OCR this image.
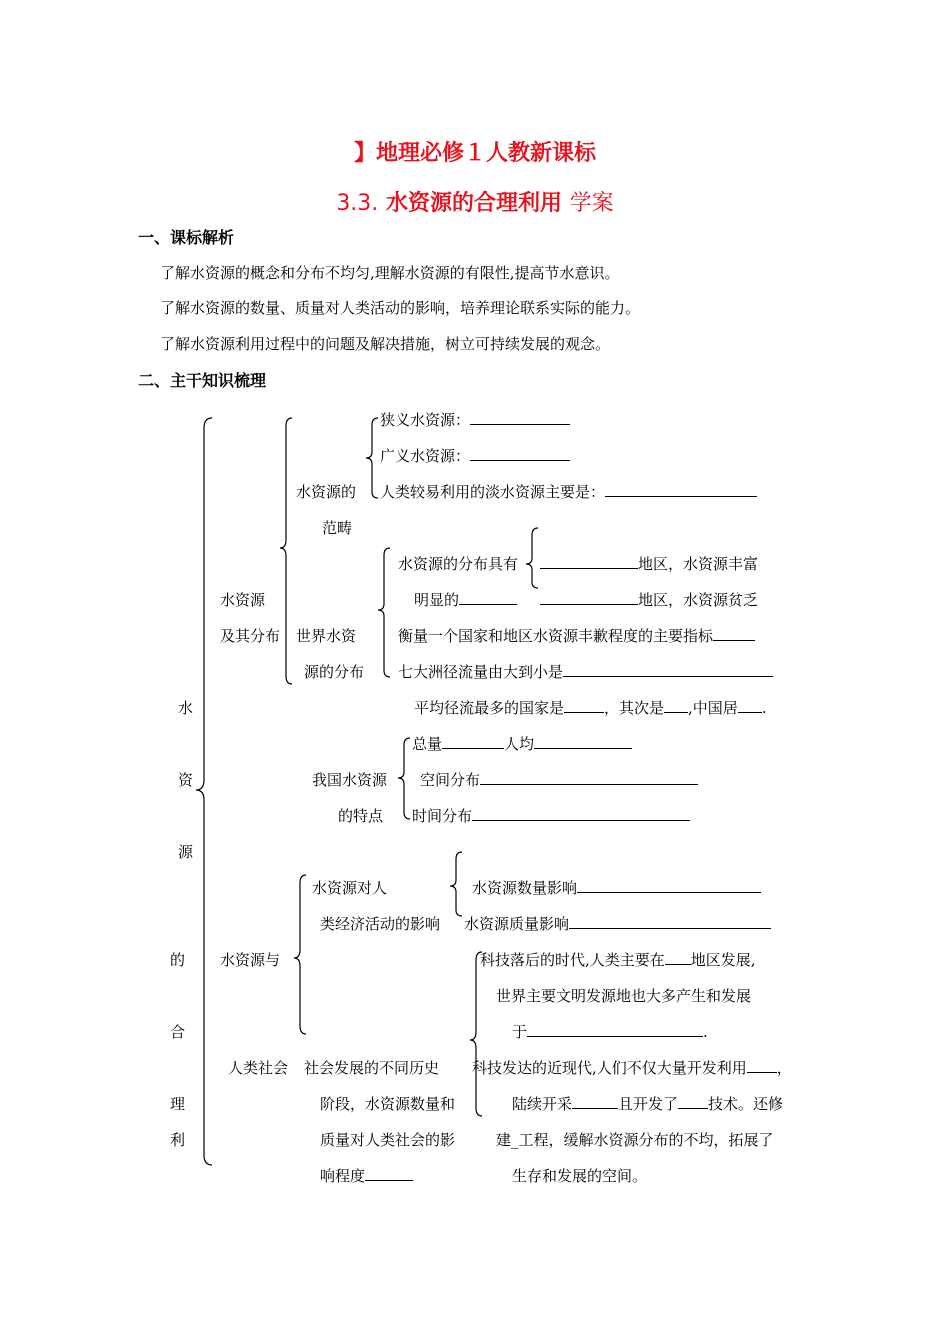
】地理必修１人教新课标
3.3. 水资源的合理利用 学案
一、课标解析
了解水资源的概念和分布不均匀,理解水资源的有限性,提高节水意识。
了解水资源的数量、质量对人类活动的影响，培养理论联系实际的能力。
了解水资源利用过程中的问题及解决措施，树立可持续发展的观念。
二、主干知识梳理
水
资
源
的
合
理
利
水资源
及其分布
水资源的
范畴
狭义水资源：
广义水资源：
人类较易利用的淡水资源主要是：
世界水资
源的分布
水资源的分布具有	地区，水资源丰富
明显的	地区，水资源贫乏
衡量一个国家和地区水资源丰歉程度的主要指标
七大洲径流量由大到小是
平均径流最多的国家是	，其次是 ,中国居 .
我国水资源
的特点
总量	人均
空间分布
时间分布
水资源与
人类社会
水资源对人
类经济活动的影响
水资源数量影响
水资源质量影响
社会发展的不同历史
阶段，水资源数量和
质量对人类社会的影
响程度
科技落后的时代,人类主要在 地区发展,
世界主要文明发源地也大多产生和发展
于	.
科技发达的近现代,人们不仅大量开发利用 ，
陆续开采	且开发了 技术。还修
建_工程，缓解水资源分布的不均，拓展了
生存和发展的空间。
